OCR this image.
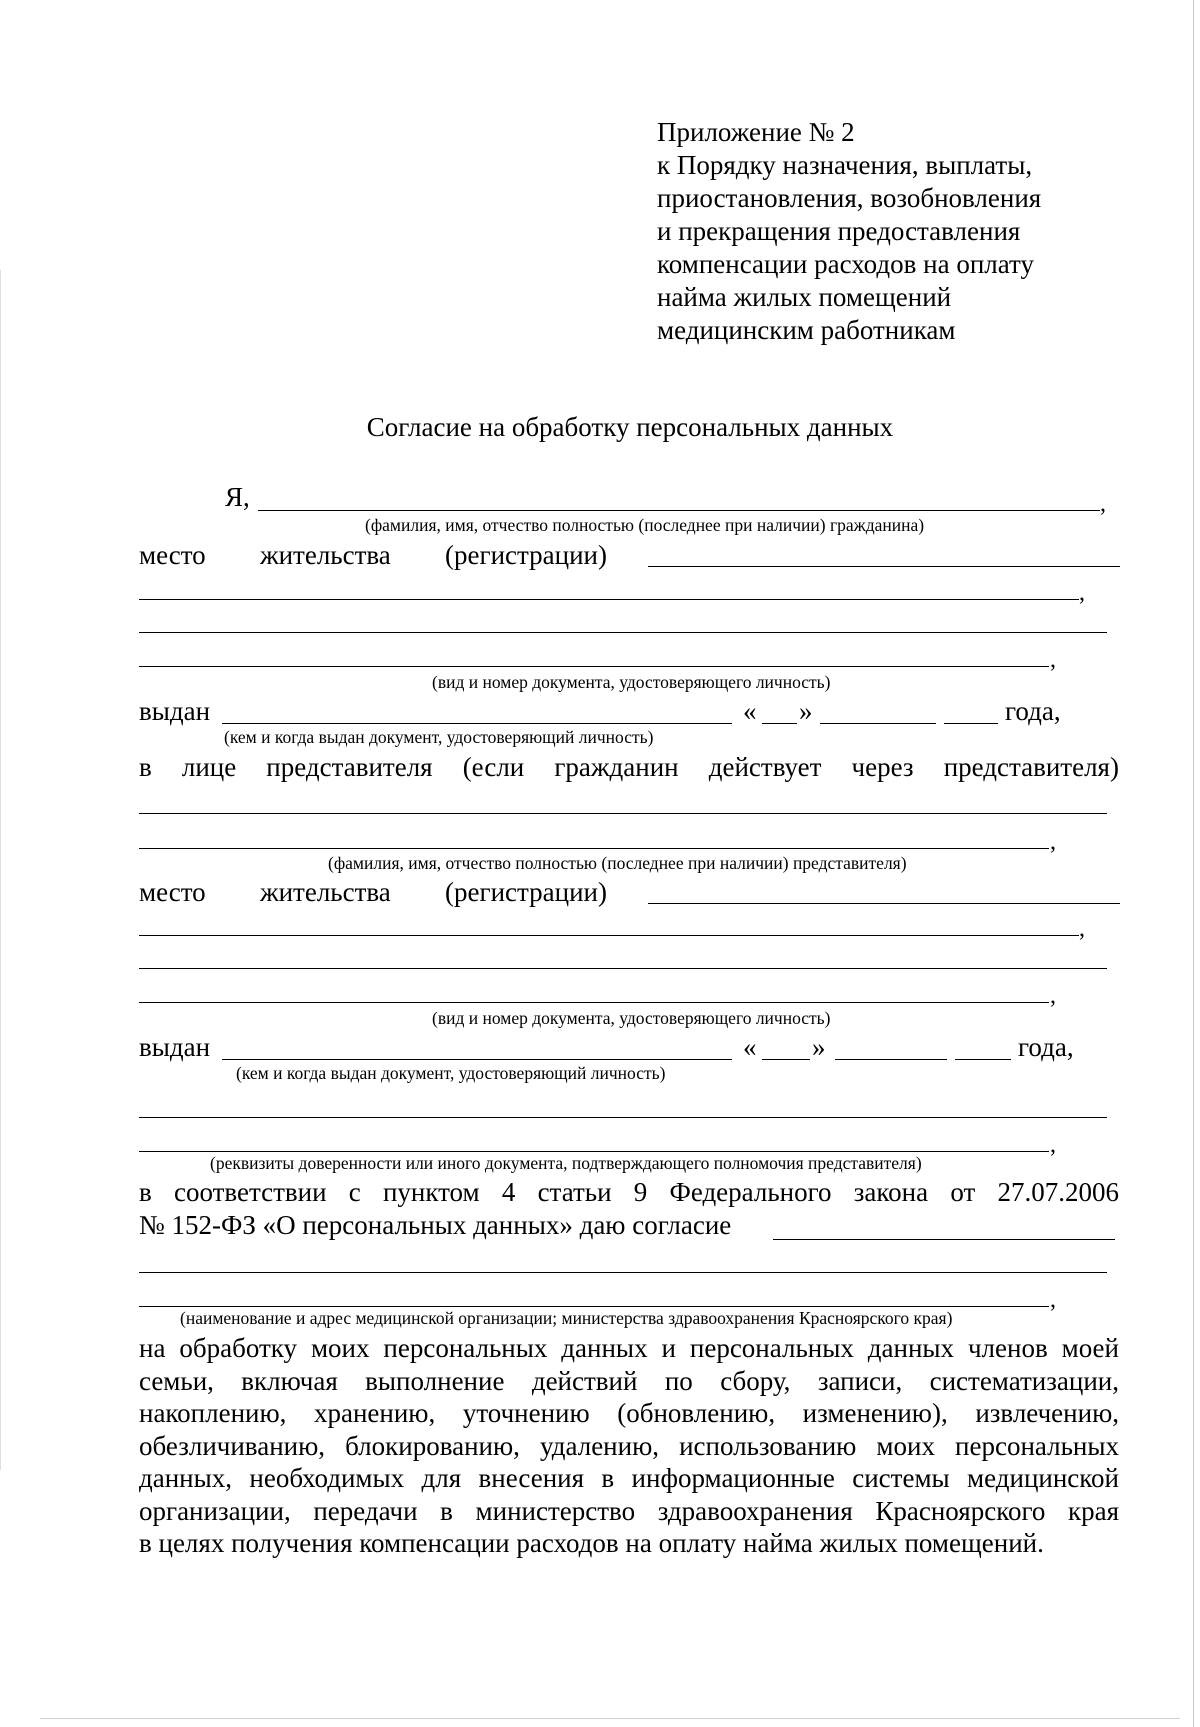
Приложение № 2
к Порядку назначения, выплаты,
приостановления, возобновления
и прекращения предоставления
компенсации расходов на оплату
найма жилых помещений
медицинским работникам
Согласие на обработку персональных данных
Я,	,
(фамилия, имя, отчество полностью (последнее при наличии) гражданина)
место жительства (регистрации)
,
,
(вид и номер документа, удостоверяющего личность)
выдан	« »	года,
(кем и когда выдан документ, удостоверяющий личность)
в лице представителя (если гражданин действует через представителя)
,
(фамилия, имя, отчество полностью (последнее при наличии) представителя)
место жительства (регистрации)
,
,
(вид и номер документа, удостоверяющего личность)
выдан	« »	года,
(кем и когда выдан документ, удостоверяющий личность)
,
(реквизиты доверенности или иного документа, подтверждающего полномочия представителя)
в соответствии с пунктом 4 статьи 9 Федерального закона от 27.07.2006
№ 152-ФЗ «О персональных данных» даю согласие
,
(наименование и адрес медицинской организации; министерства здравоохранения Красноярского края)
на обработку моих персональных данных и персональных данных членов моей
семьи, включая выполнение действий по сбору, записи, систематизации,
накоплению, хранению, уточнению (обновлению, изменению), извлечению,
обезличиванию, блокированию, удалению, использованию моих персональных
данных, необходимых для внесения в информационные системы медицинской
организации, передачи в министерство здравоохранения Красноярского края
в целях получения компенсации расходов на оплату найма жилых помещений.
